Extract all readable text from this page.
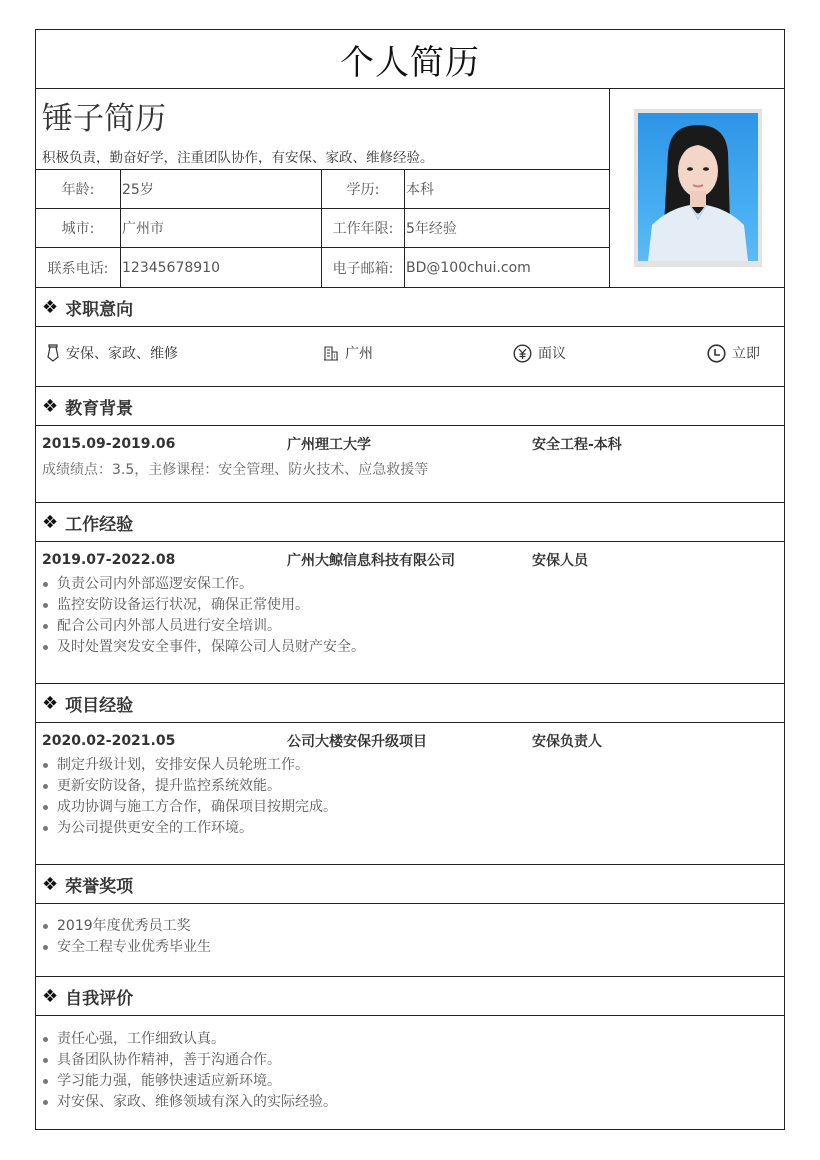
个人简历
锤子简历
积极负责，勤奋好学，注重团队协作，有安保、家政、维修经验。
年龄:	25岁	学历:	本科
城市:	广州市	工作年限: 5年经验
联系电话: 12345678910	电子邮箱: BD@100chui.com
❖ 求职意向
安保、家政、维修	广州	面议	立即
❖ 教育背景
2015.09-2019.06	广州理工大学	安全工程-本科
成绩绩点：3.5，主修课程：安全管理、防火技术、应急救援等
❖ 工作经验
2019.07-2022.08	广州大鲸信息科技有限公司	安保人员
负责公司内外部巡逻安保工作。
监控安防设备运行状况，确保正常使用。
配合公司内外部人员进行安全培训。
及时处置突发安全事件，保障公司人员财产安全。
❖ 项目经验
2020.02-2021.05	公司大楼安保升级项目	安保负责人
制定升级计划，安排安保人员轮班工作。
更新安防设备，提升监控系统效能。
成功协调与施工方合作，确保项目按期完成。
为公司提供更安全的工作环境。
❖ 荣誉奖项
2019年度优秀员工奖
安全工程专业优秀毕业生
❖ 自我评价
责任心强，工作细致认真。
具备团队协作精神，善于沟通合作。
学习能力强，能够快速适应新环境。
对安保、家政、维修领域有深入的实际经验。
